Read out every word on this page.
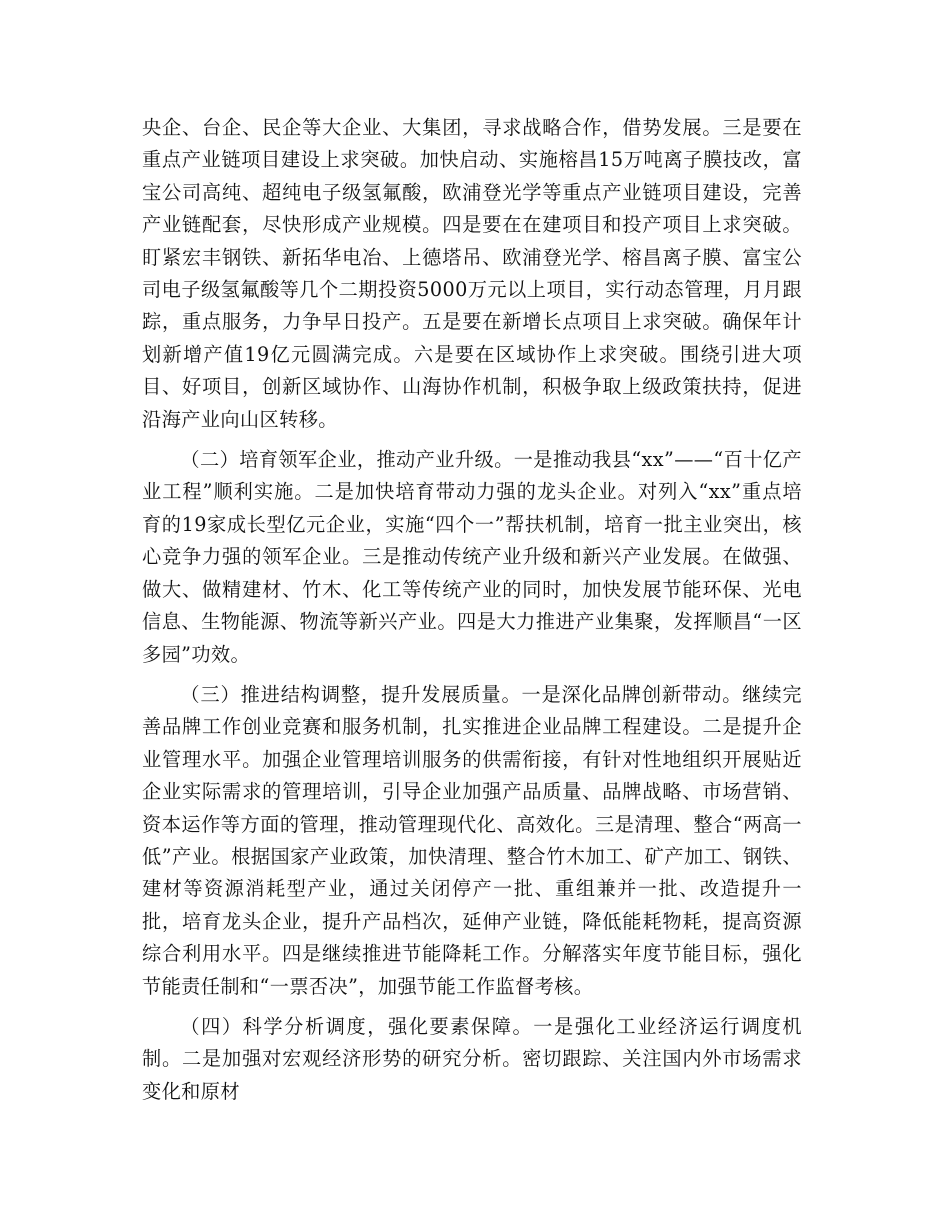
央企、台企、民企等大企业、大集团，寻求战略合作，借势发展。三是要在重点产业链项目建设上求突破。加快启动、实施榕昌15万吨离子膜技改，富宝公司高纯、超纯电子级氢氟酸，欧浦登光学等重点产业链项目建设，完善产业链配套，尽快形成产业规模。四是要在在建项目和投产项目上求突破。盯紧宏丰钢铁、新拓华电冶、上德塔吊、欧浦登光学、榕昌离子膜、富宝公司电子级氢氟酸等几个二期投资5000万元以上项目，实行动态管理，月月跟踪，重点服务，力争早日投产。五是要在新增长点项目上求突破。确保年计划新增产值19亿元圆满完成。六是要在区域协作上求突破。围绕引进大项目、好项目，创新区域协作、山海协作机制，积极争取上级政策扶持，促进沿海产业向山区转移。

（二）培育领军企业，推动产业升级。一是推动我县“xx”——“百十亿产业工程”顺利实施。二是加快培育带动力强的龙头企业。对列入“xx”重点培育的19家成长型亿元企业，实施“四个一”帮扶机制，培育一批主业突出，核心竞争力强的领军企业。三是推动传统产业升级和新兴产业发展。在做强、做大、做精建材、竹木、化工等传统产业的同时，加快发展节能环保、光电信息、生物能源、物流等新兴产业。四是大力推进产业集聚，发挥顺昌“一区多园”功效。

（三）推进结构调整，提升发展质量。一是深化品牌创新带动。继续完善品牌工作创业竞赛和服务机制，扎实推进企业品牌工程建设。二是提升企业管理水平。加强企业管理培训服务的供需衔接，有针对性地组织开展贴近企业实际需求的管理培训，引导企业加强产品质量、品牌战略、市场营销、资本运作等方面的管理，推动管理现代化、高效化。三是清理、整合“两高一低”产业。根据国家产业政策，加快清理、整合竹木加工、矿产加工、钢铁、建材等资源消耗型产业，通过关闭停产一批、重组兼并一批、改造提升一批，培育龙头企业，提升产品档次，延伸产业链，降低能耗物耗，提高资源综合利用水平。四是继续推进节能降耗工作。分解落实年度节能目标，强化节能责任制和“一票否决”，加强节能工作监督考核。

（四）科学分析调度，强化要素保障。一是强化工业经济运行调度机制。二是加强对宏观经济形势的研究分析。密切跟踪、关注国内外市场需求变化和原材
